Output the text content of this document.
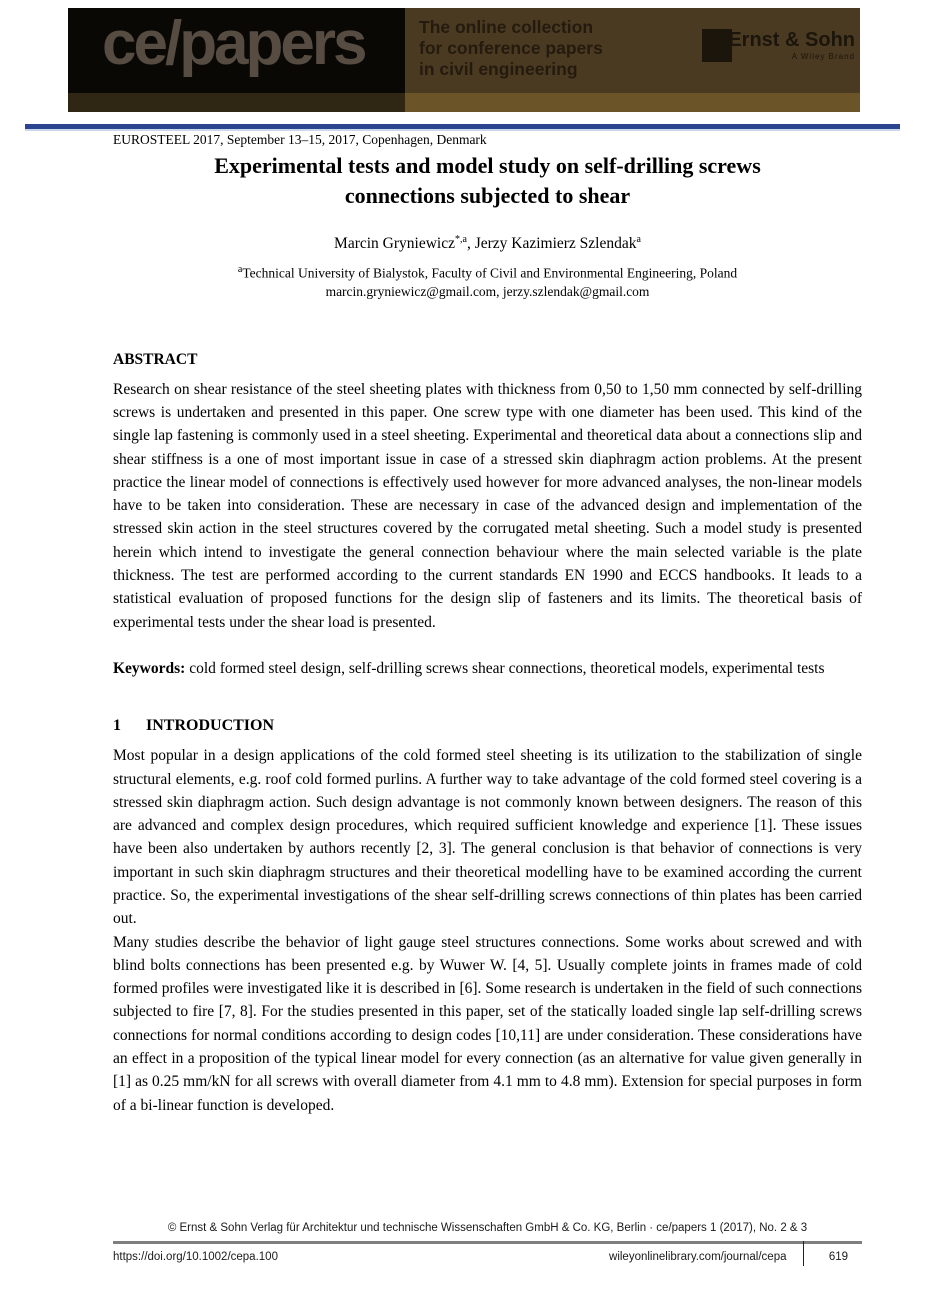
ce/papers	The online collection
for conference papers
in civil engineering
Ernst & Sohn
A Wiley Brand
EUROSTEEL 2017, September 13–15, 2017, Copenhagen, Denmark
Experimental tests and model study on self-drilling screws
connections subjected to shear
Marcin Gryniewicz$^{*,a}$, Jerzy Kazimierz Szlendak$^a$
$^a$Technical University of Bialystok, Faculty of Civil and Environmental Engineering, Poland
marcin.gryniewicz@gmail.com, jerzy.szlendak@gmail.com
ABSTRACT
Research on shear resistance of the steel sheeting plates with thickness from 0,50 to 1,50 mm connected by self-drilling screws is undertaken and presented in this paper. One screw type with one diameter has been used. This kind of the single lap fastening is commonly used in a steel sheeting. Experimental and theoretical data about a connections slip and shear stiffness is a one of most important issue in case of a stressed skin diaphragm action problems. At the present practice the linear model of connections is effectively used however for more advanced analyses, the non-linear models have to be taken into consideration. These are necessary in case of the advanced design and implementation of the stressed skin action in the steel structures covered by the corrugated metal sheeting. Such a model study is presented herein which intend to investigate the general connection behaviour where the main selected variable is the plate thickness. The test are performed according to the current standards EN 1990 and ECCS handbooks. It leads to a statistical evaluation of proposed functions for the design slip of fasteners and its limits. The theoretical basis of experimental tests under the shear load is presented.
Keywords: cold formed steel design, self-drilling screws shear connections, theoretical models, experimental tests
1 INTRODUCTION
Most popular in a design applications of the cold formed steel sheeting is its utilization to the stabilization of single structural elements, e.g. roof cold formed purlins. A further way to take advantage of the cold formed steel covering is a stressed skin diaphragm action. Such design advantage is not commonly known between designers. The reason of this are advanced and complex design procedures, which required sufficient knowledge and experience [1]. These issues have been also undertaken by authors recently [2, 3]. The general conclusion is that behavior of connections is very important in such skin diaphragm structures and their theoretical modelling have to be examined according the current practice. So, the experimental investigations of the shear self-drilling screws connections of thin plates has been carried out.
Many studies describe the behavior of light gauge steel structures connections. Some works about screwed and with blind bolts connections has been presented e.g. by Wuwer W. [4, 5]. Usually complete joints in frames made of cold formed profiles were investigated like it is described in [6]. Some research is undertaken in the field of such connections subjected to fire [7, 8]. For the studies presented in this paper, set of the statically loaded single lap self-drilling screws connections for normal conditions according to design codes [10,11] are under consideration. These considerations have an effect in a proposition of the typical linear model for every connection (as an alternative for value given generally in [1] as 0.25 mm/kN for all screws with overall diameter from 4.1 mm to 4.8 mm). Extension for special purposes in form of a bi-linear function is developed.
© Ernst & Sohn Verlag für Architektur und technische Wissenschaften GmbH & Co. KG, Berlin · ce/papers 1 (2017), No. 2 & 3
https://doi.org/10.1002/cepa.100	wileyonlinelibrary.com/journal/cepa	619
